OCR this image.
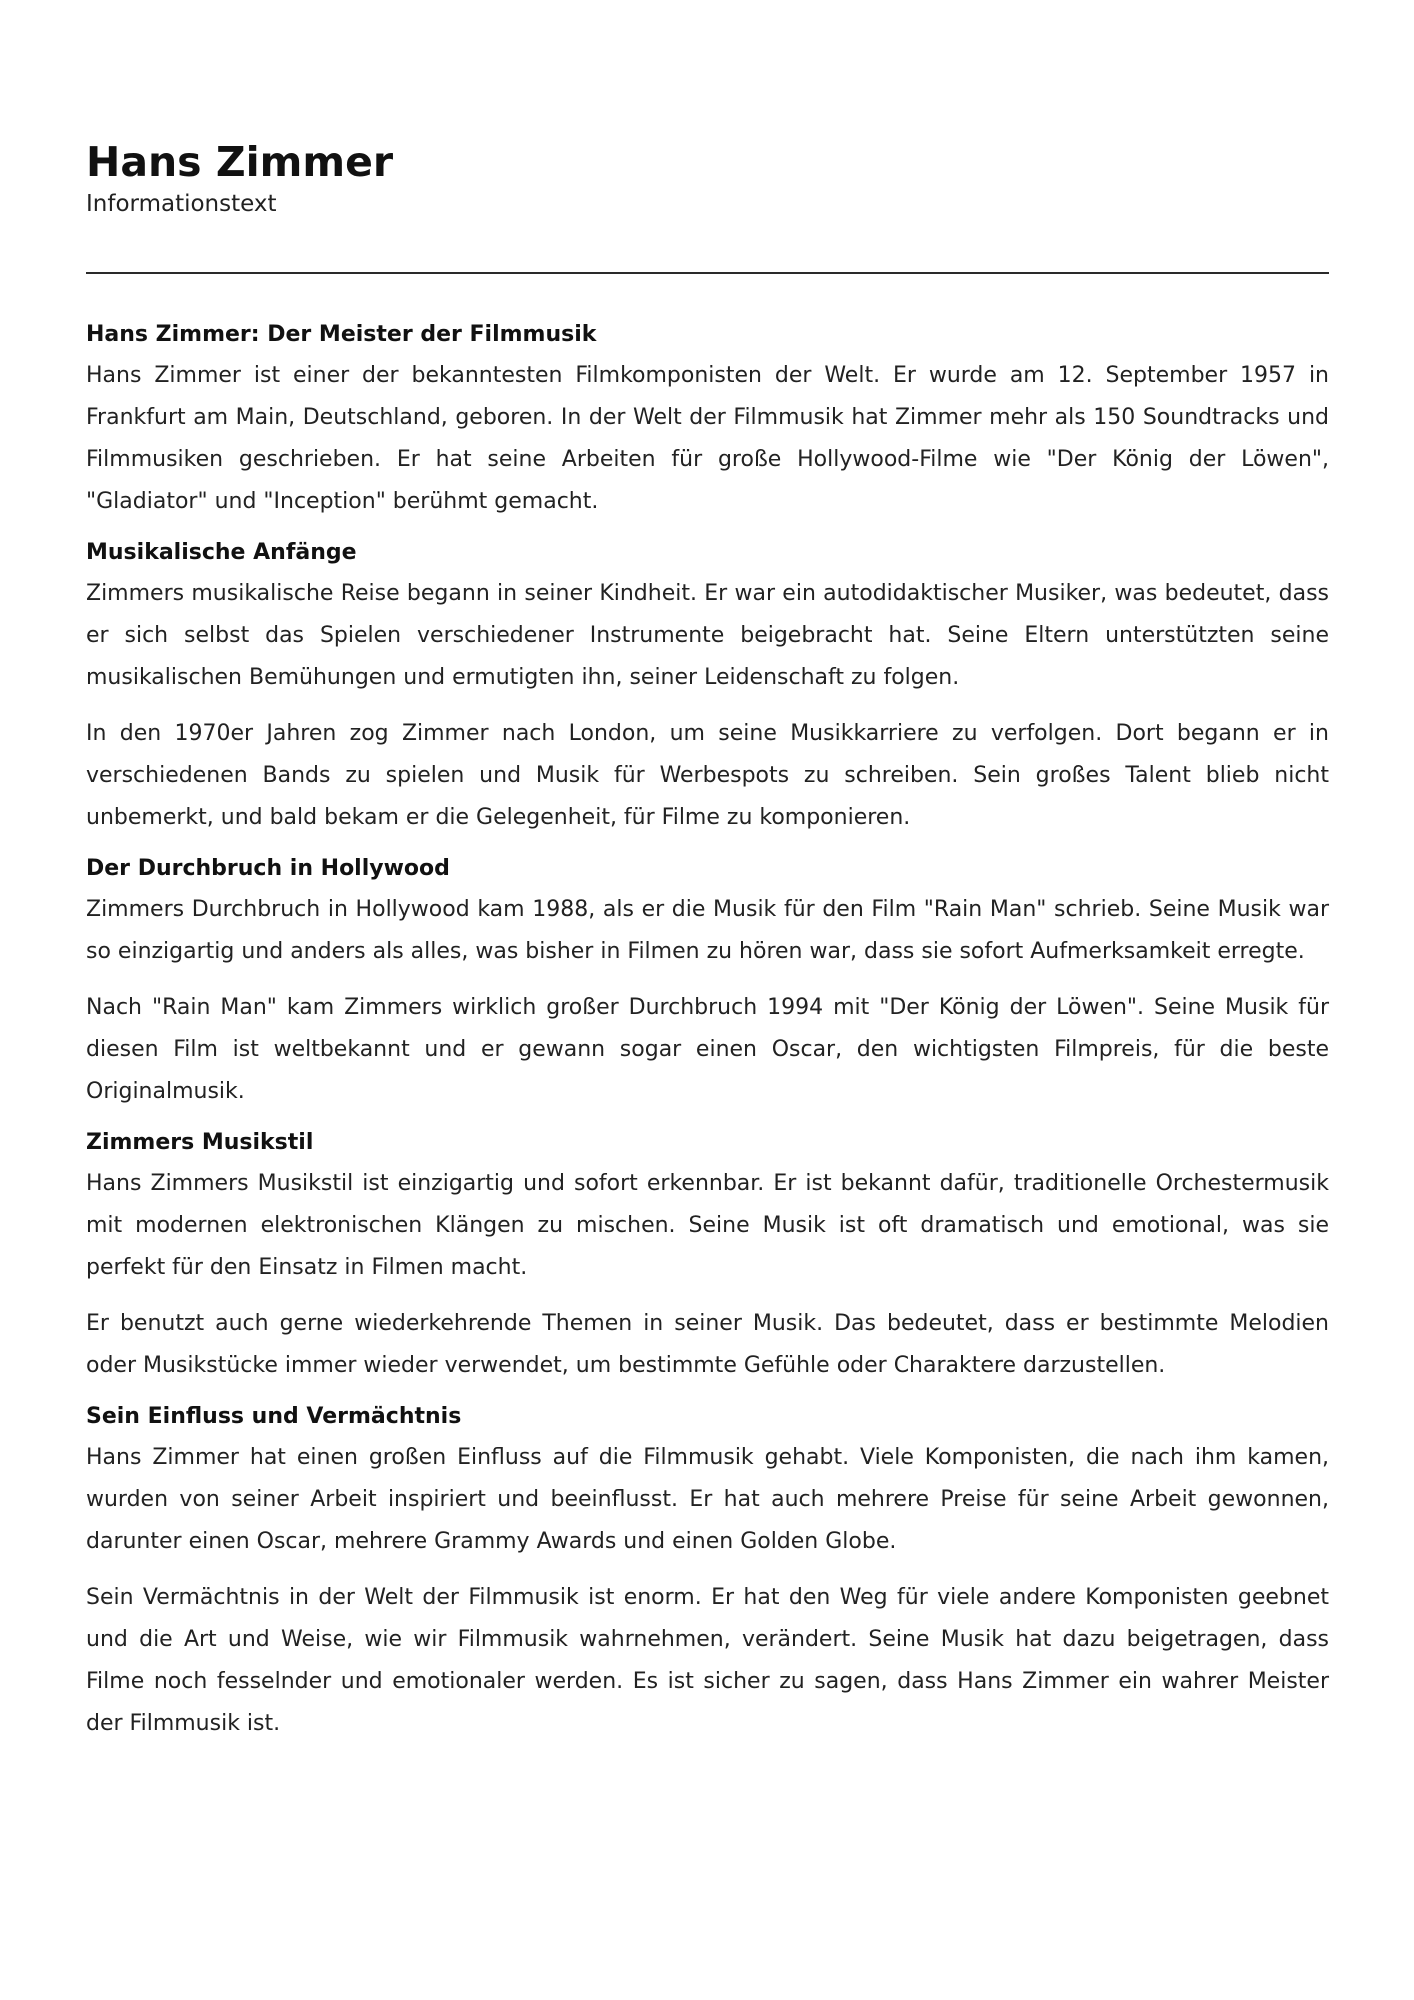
Hans Zimmer

Informationstext

Hans Zimmer: Der Meister der Filmmusik

Hans Zimmer ist einer der bekanntesten Filmkomponisten der Welt. Er wurde am 12. September 1957 in Frankfurt am Main, Deutschland, geboren. In der Welt der Filmmusik hat Zimmer mehr als 150 Soundtracks und Filmmusiken geschrieben. Er hat seine Arbeiten für große Hollywood-Filme wie "Der König der Löwen", "Gladiator" und "Inception" berühmt gemacht.

Musikalische Anfänge

Zimmers musikalische Reise begann in seiner Kindheit. Er war ein autodidaktischer Musiker, was bedeutet, dass er sich selbst das Spielen verschiedener Instrumente beigebracht hat. Seine Eltern unterstützten seine musikalischen Bemühungen und ermutigten ihn, seiner Leidenschaft zu folgen.

In den 1970er Jahren zog Zimmer nach London, um seine Musikkarriere zu verfolgen. Dort begann er in verschiedenen Bands zu spielen und Musik für Werbespots zu schreiben. Sein großes Talent blieb nicht unbemerkt, und bald bekam er die Gelegenheit, für Filme zu komponieren.

Der Durchbruch in Hollywood

Zimmers Durchbruch in Hollywood kam 1988, als er die Musik für den Film "Rain Man" schrieb. Seine Musik war so einzigartig und anders als alles, was bisher in Filmen zu hören war, dass sie sofort Aufmerksamkeit erregte.

Nach "Rain Man" kam Zimmers wirklich großer Durchbruch 1994 mit "Der König der Löwen". Seine Musik für diesen Film ist weltbekannt und er gewann sogar einen Oscar, den wichtigsten Filmpreis, für die beste Originalmusik.

Zimmers Musikstil

Hans Zimmers Musikstil ist einzigartig und sofort erkennbar. Er ist bekannt dafür, traditionelle Orchestermusik mit modernen elektronischen Klängen zu mischen. Seine Musik ist oft dramatisch und emotional, was sie perfekt für den Einsatz in Filmen macht.

Er benutzt auch gerne wiederkehrende Themen in seiner Musik. Das bedeutet, dass er bestimmte Melodien oder Musikstücke immer wieder verwendet, um bestimmte Gefühle oder Charaktere darzustellen.

Sein Einfluss und Vermächtnis

Hans Zimmer hat einen großen Einfluss auf die Filmmusik gehabt. Viele Komponisten, die nach ihm kamen, wurden von seiner Arbeit inspiriert und beeinflusst. Er hat auch mehrere Preise für seine Arbeit gewonnen, darunter einen Oscar, mehrere Grammy Awards und einen Golden Globe.

Sein Vermächtnis in der Welt der Filmmusik ist enorm. Er hat den Weg für viele andere Komponisten geebnet und die Art und Weise, wie wir Filmmusik wahrnehmen, verändert. Seine Musik hat dazu beigetragen, dass Filme noch fesselnder und emotionaler werden. Es ist sicher zu sagen, dass Hans Zimmer ein wahrer Meister der Filmmusik ist.
